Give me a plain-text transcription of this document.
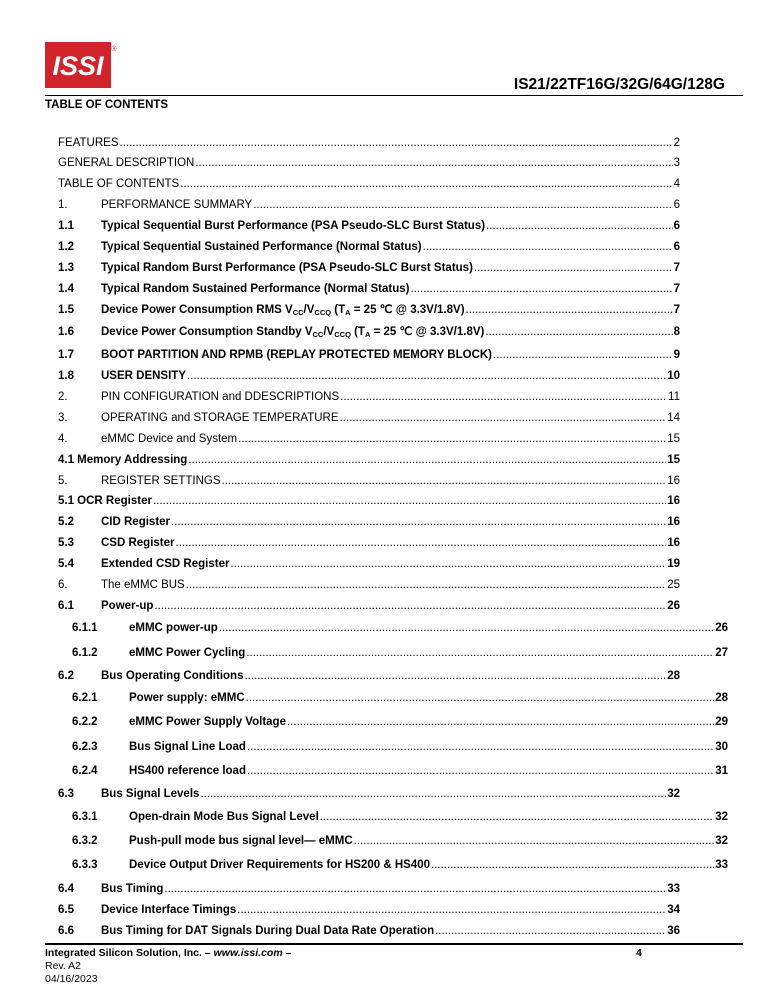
ISSI
®
IS21/22TF16G/32G/64G/128G
TABLE OF CONTENTS
FEATURES .....	2
GENERAL DESCRIPTION .....	3
TABLE OF CONTENTS .....	4
1.	PERFORMANCE SUMMARY .....	6
1.1	Typical Sequential Burst Performance (PSA Pseudo-SLC Burst Status) .....	6
1.2	Typical Sequential Sustained Performance (Normal Status) .....	6
1.3	Typical Random Burst Performance (PSA Pseudo-SLC Burst Status) .....	7
1.4	Typical Random Sustained Performance (Normal Status) .....	7
1.5	Device Power Consumption RMS $V_{CC}/V_{CCQ}$ ($T_A = 25$ ℃ @ 3.3V/1.8V) .....	7
1.6	Device Power Consumption Standby $V_{CC}/V_{CCQ}$ ($T_A = 25$ ℃ @ 3.3V/1.8V) .....	8
1.7	BOOT PARTITION AND RPMB (REPLAY PROTECTED MEMORY BLOCK) .....	9
1.8	USER DENSITY .....	10
2.	PIN CONFIGURATION and DDESCRIPTIONS .....	11
3.	OPERATING and STORAGE TEMPERATURE .....	14
4.	eMMC Device and System .....	15
4.1 Memory Addressing .....	15
5.	REGISTER SETTINGS .....	16
5.1 OCR Register .....	16
5.2	CID Register .....	16
5.3	CSD Register .....	16
5.4	Extended CSD Register .....	19
6.	The eMMC BUS .....	25
6.1	Power-up .....	26
6.1.1	eMMC power-up .....	26
6.1.2	eMMC Power Cycling .....	27
6.2	Bus Operating Conditions .....	28
6.2.1	Power supply: eMMC .....	28
6.2.2	eMMC Power Supply Voltage .....	29
6.2.3	Bus Signal Line Load .....	30
6.2.4	HS400 reference load .....	31
6.3	Bus Signal Levels .....	32
6.3.1	Open-drain Mode Bus Signal Level .....	32
6.3.2	Push-pull mode bus signal level— eMMC .....	32
6.3.3	Device Output Driver Requirements for HS200 & HS400 .....	33
6.4	Bus Timing .....	33
6.5	Device Interface Timings .....	34
6.6	Bus Timing for DAT Signals During Dual Data Rate Operation .....	36
Integrated Silicon Solution, Inc. – www.issi.com –	4
Rev. A2
04/16/2023
